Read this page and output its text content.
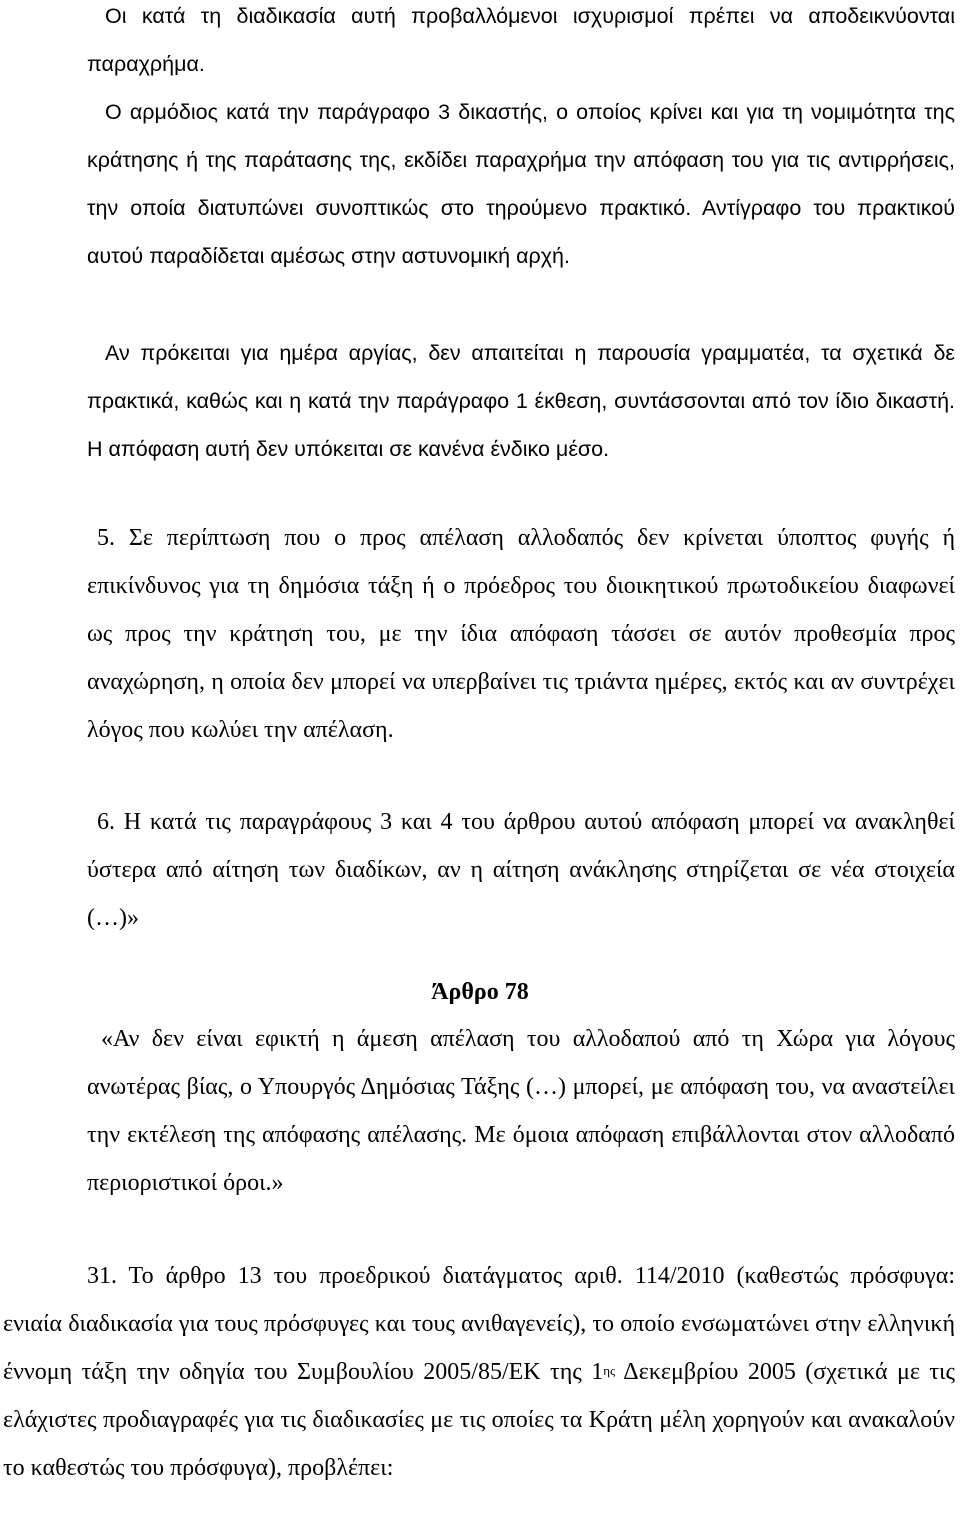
Οι κατά τη διαδικασία αυτή προβαλλόμενοι ισχυρισμοί πρέπει να αποδεικνύονται παραχρήμα.

Ο αρμόδιος κατά την παράγραφο 3 δικαστής, ο οποίος κρίνει και για τη νομιμότητα της κράτησης ή της παράτασης της, εκδίδει παραχρήμα την απόφαση του για τις αντιρρήσεις, την οποία διατυπώνει συνοπτικώς στο τηρούμενο πρακτικό. Αντίγραφο του πρακτικού αυτού παραδίδεται αμέσως στην αστυνομική αρχή.

Αν πρόκειται για ημέρα αργίας, δεν απαιτείται η παρουσία γραμματέα, τα σχετικά δε πρακτικά, καθώς και η κατά την παράγραφο 1 έκθεση, συντάσσονται από τον ίδιο δικαστή. Η απόφαση αυτή δεν υπόκειται σε κανένα ένδικο μέσο.

5. Σε περίπτωση που ο προς απέλαση αλλοδαπός δεν κρίνεται ύποπτος φυγής ή επικίνδυνος για τη δημόσια τάξη ή ο πρόεδρος του διοικητικού πρωτοδικείου διαφωνεί ως προς την κράτηση του, με την ίδια απόφαση τάσσει σε αυτόν προθεσμία προς αναχώρηση, η οποία δεν μπορεί να υπερβαίνει τις τριάντα ημέρες, εκτός και αν συντρέχει λόγος που κωλύει την απέλαση.

6. Η κατά τις παραγράφους 3 και 4 του άρθρου αυτού απόφαση μπορεί να ανακληθεί ύστερα από αίτηση των διαδίκων, αν η αίτηση ανάκλησης στηρίζεται σε νέα στοιχεία (…)»

Άρθρο 78

«Αν δεν είναι εφικτή η άμεση απέλαση του αλλοδαπού από τη Χώρα για λόγους ανωτέρας βίας, ο Υπουργός Δημόσιας Τάξης (…) μπορεί, με απόφαση του, να αναστείλει την εκτέλεση της απόφασης απέλασης. Με όμοια απόφαση επιβάλλονται στον αλλοδαπό περιοριστικοί όροι.»

31. Το άρθρο 13 του προεδρικού διατάγματος αριθ. 114/2010 (καθεστώς πρόσφυγα: ενιαία διαδικασία για τους πρόσφυγες και τους ανιθαγενείς), το οποίο ενσωματώνει στην ελληνική έννομη τάξη την οδηγία του Συμβουλίου 2005/85/ΕΚ της $1^{\eta\varsigma}$ Δεκεμβρίου 2005 (σχετικά με τις ελάχιστες προδιαγραφές για τις διαδικασίες με τις οποίες τα Κράτη μέλη χορηγούν και ανακαλούν το καθεστώς του πρόσφυγα), προβλέπει:
